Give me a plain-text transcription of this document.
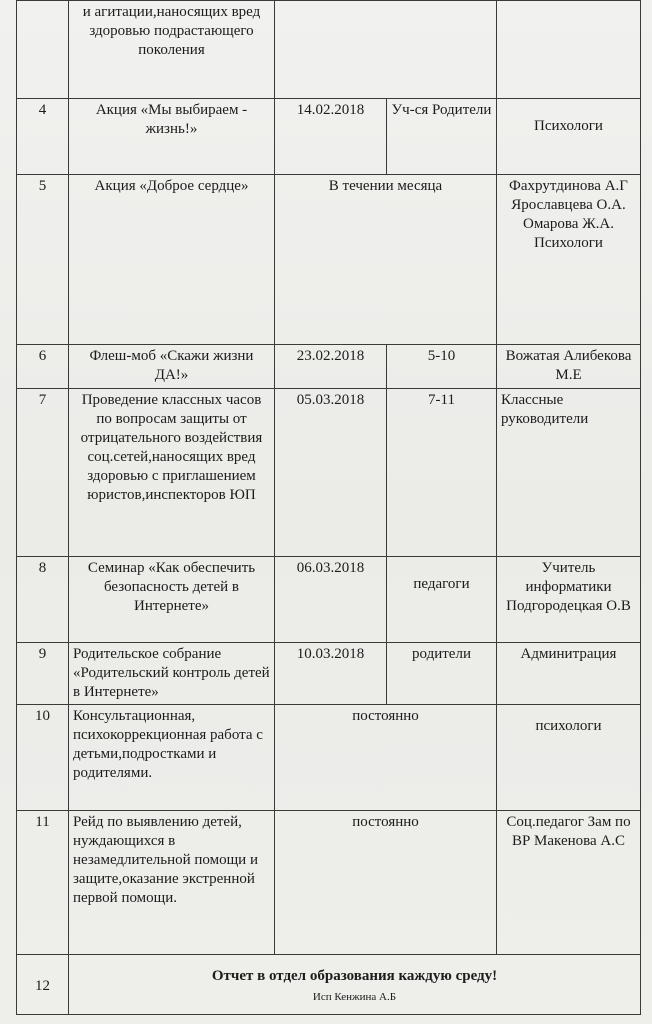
	и агитации,наносящих вред здоровью подрастающего поколения			
4	Акция «Мы выбираем - жизнь!»	14.02.2018	Уч-ся Родители	Психологи
5	Акция «Доброе сердце»	В течении месяца		Фахрутдинова А.Г Ярославцева О.А. Омарова Ж.А. Психологи
6	Флеш-моб «Скажи жизни ДА!»	23.02.2018	5-10	Вожатая Алибекова М.Е
7	Проведение классных часов по вопросам защиты от отрицательного воздействия соц.сетей,наносящих вред здоровью с приглашением юристов,инспекторов ЮП	05.03.2018	7-11	Классные руководители
8	Семинар «Как обеспечить безопасность детей в Интернете»	06.03.2018	педагоги	Учитель информатики Подгородецкая О.В
9	Родительское собрание «Родительский контроль детей в Интернете»	10.03.2018	родители	Админитрация
10	Консультационная, психокоррекционная работа с детьми,подростками и родителями.	постоянно		психологи
11	Рейд по выявлению детей, нуждающихся в незамедлительной помощи и защите,оказание экстренной первой помощи.	постоянно		Соц.педагог Зам по ВР Макенова А.С
12	Отчет в отдел образования каждую среду!
Исп Кенжина А.Б			
